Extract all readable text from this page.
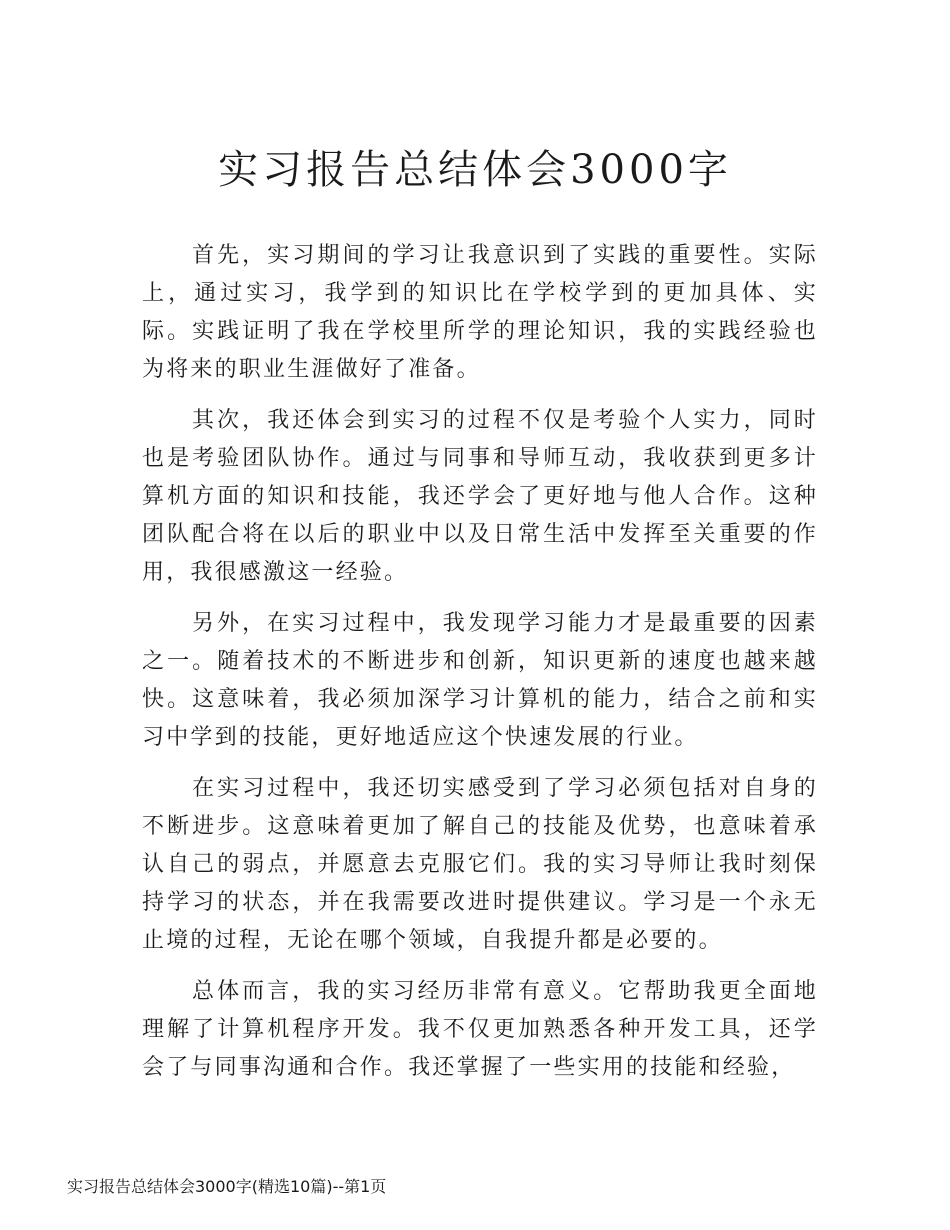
实习报告总结体会3000字

首先，实习期间的学习让我意识到了实践的重要性。实际上，通过实习，我学到的知识比在学校学到的更加具体、实际。实践证明了我在学校里所学的理论知识，我的实践经验也为将来的职业生涯做好了准备。

其次，我还体会到实习的过程不仅是考验个人实力，同时也是考验团队协作。通过与同事和导师互动，我收获到更多计算机方面的知识和技能，我还学会了更好地与他人合作。这种团队配合将在以后的职业中以及日常生活中发挥至关重要的作用，我很感激这一经验。

另外，在实习过程中，我发现学习能力才是最重要的因素之一。随着技术的不断进步和创新，知识更新的速度也越来越快。这意味着，我必须加深学习计算机的能力，结合之前和实习中学到的技能，更好地适应这个快速发展的行业。

在实习过程中，我还切实感受到了学习必须包括对自身的不断进步。这意味着更加了解自己的技能及优势，也意味着承认自己的弱点，并愿意去克服它们。我的实习导师让我时刻保持学习的状态，并在我需要改进时提供建议。学习是一个永无止境的过程，无论在哪个领域，自我提升都是必要的。

总体而言，我的实习经历非常有意义。它帮助我更全面地理解了计算机程序开发。我不仅更加熟悉各种开发工具，还学会了与同事沟通和合作。我还掌握了一些实用的技能和经验，

实习报告总结体会3000字(精选10篇)--第1页
